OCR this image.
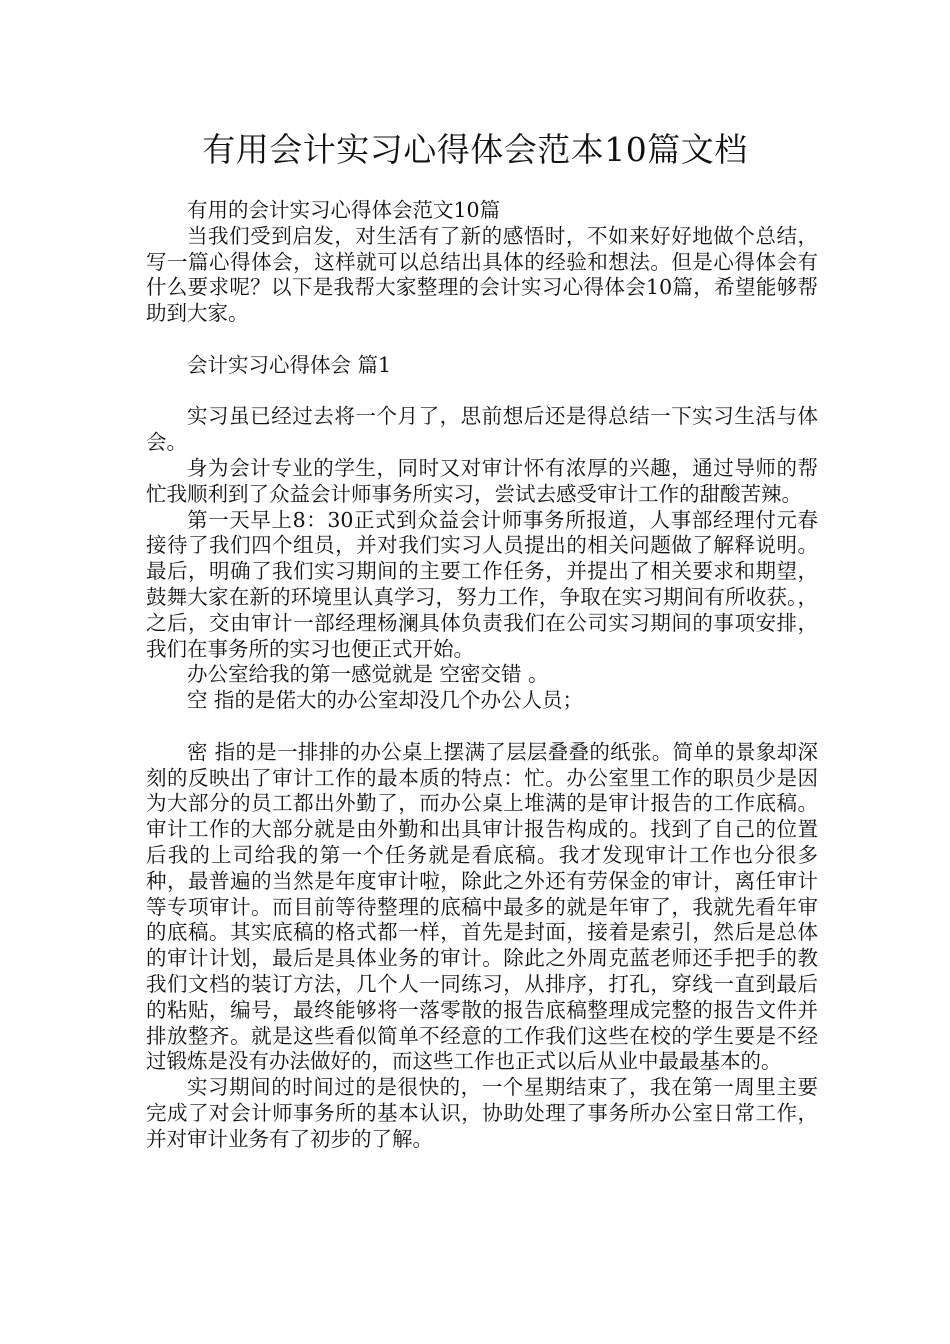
有用会计实习心得体会范本10篇文档

有用的会计实习心得体会范文10篇

当我们受到启发，对生活有了新的感悟时，不如来好好地做个总结，写一篇心得体会，这样就可以总结出具体的经验和想法。但是心得体会有什么要求呢？以下是我帮大家整理的会计实习心得体会10篇，希望能够帮助到大家。

会计实习心得体会 篇1

实习虽已经过去将一个月了，思前想后还是得总结一下实习生活与体会。

身为会计专业的学生，同时又对审计怀有浓厚的兴趣，通过导师的帮忙我顺利到了众益会计师事务所实习，尝试去感受审计工作的甜酸苦辣。

第一天早上8：30正式到众益会计师事务所报道，人事部经理付元春接待了我们四个组员，并对我们实习人员提出的相关问题做了解释说明。最后，明确了我们实习期间的主要工作任务，并提出了相关要求和期望，鼓舞大家在新的环境里认真学习，努力工作，争取在实习期间有所收获。，之后，交由审计一部经理杨澜具体负责我们在公司实习期间的事项安排，我们在事务所的实习也便正式开始。

办公室给我的第一感觉就是 空密交错 。

空 指的是偌大的办公室却没几个办公人员；

密 指的是一排排的办公桌上摆满了层层叠叠的纸张。简单的景象却深刻的反映出了审计工作的最本质的特点：忙。办公室里工作的职员少是因为大部分的员工都出外勤了，而办公桌上堆满的是审计报告的工作底稿。审计工作的大部分就是由外勤和出具审计报告构成的。找到了自己的位置后我的上司给我的第一个任务就是看底稿。我才发现审计工作也分很多种，最普遍的当然是年度审计啦，除此之外还有劳保金的审计，离任审计等专项审计。而目前等待整理的底稿中最多的就是年审了，我就先看年审的底稿。其实底稿的格式都一样，首先是封面，接着是索引，然后是总体的审计计划，最后是具体业务的审计。除此之外周克蓝老师还手把手的教我们文档的装订方法，几个人一同练习，从排序，打孔，穿线一直到最后的粘贴，编号，最终能够将一落零散的报告底稿整理成完整的报告文件并排放整齐。就是这些看似简单不经意的工作我们这些在校的学生要是不经过锻炼是没有办法做好的，而这些工作也正式以后从业中最最基本的。

实习期间的时间过的是很快的，一个星期结束了，我在第一周里主要完成了对会计师事务所的基本认识，协助处理了事务所办公室日常工作，并对审计业务有了初步的了解。
